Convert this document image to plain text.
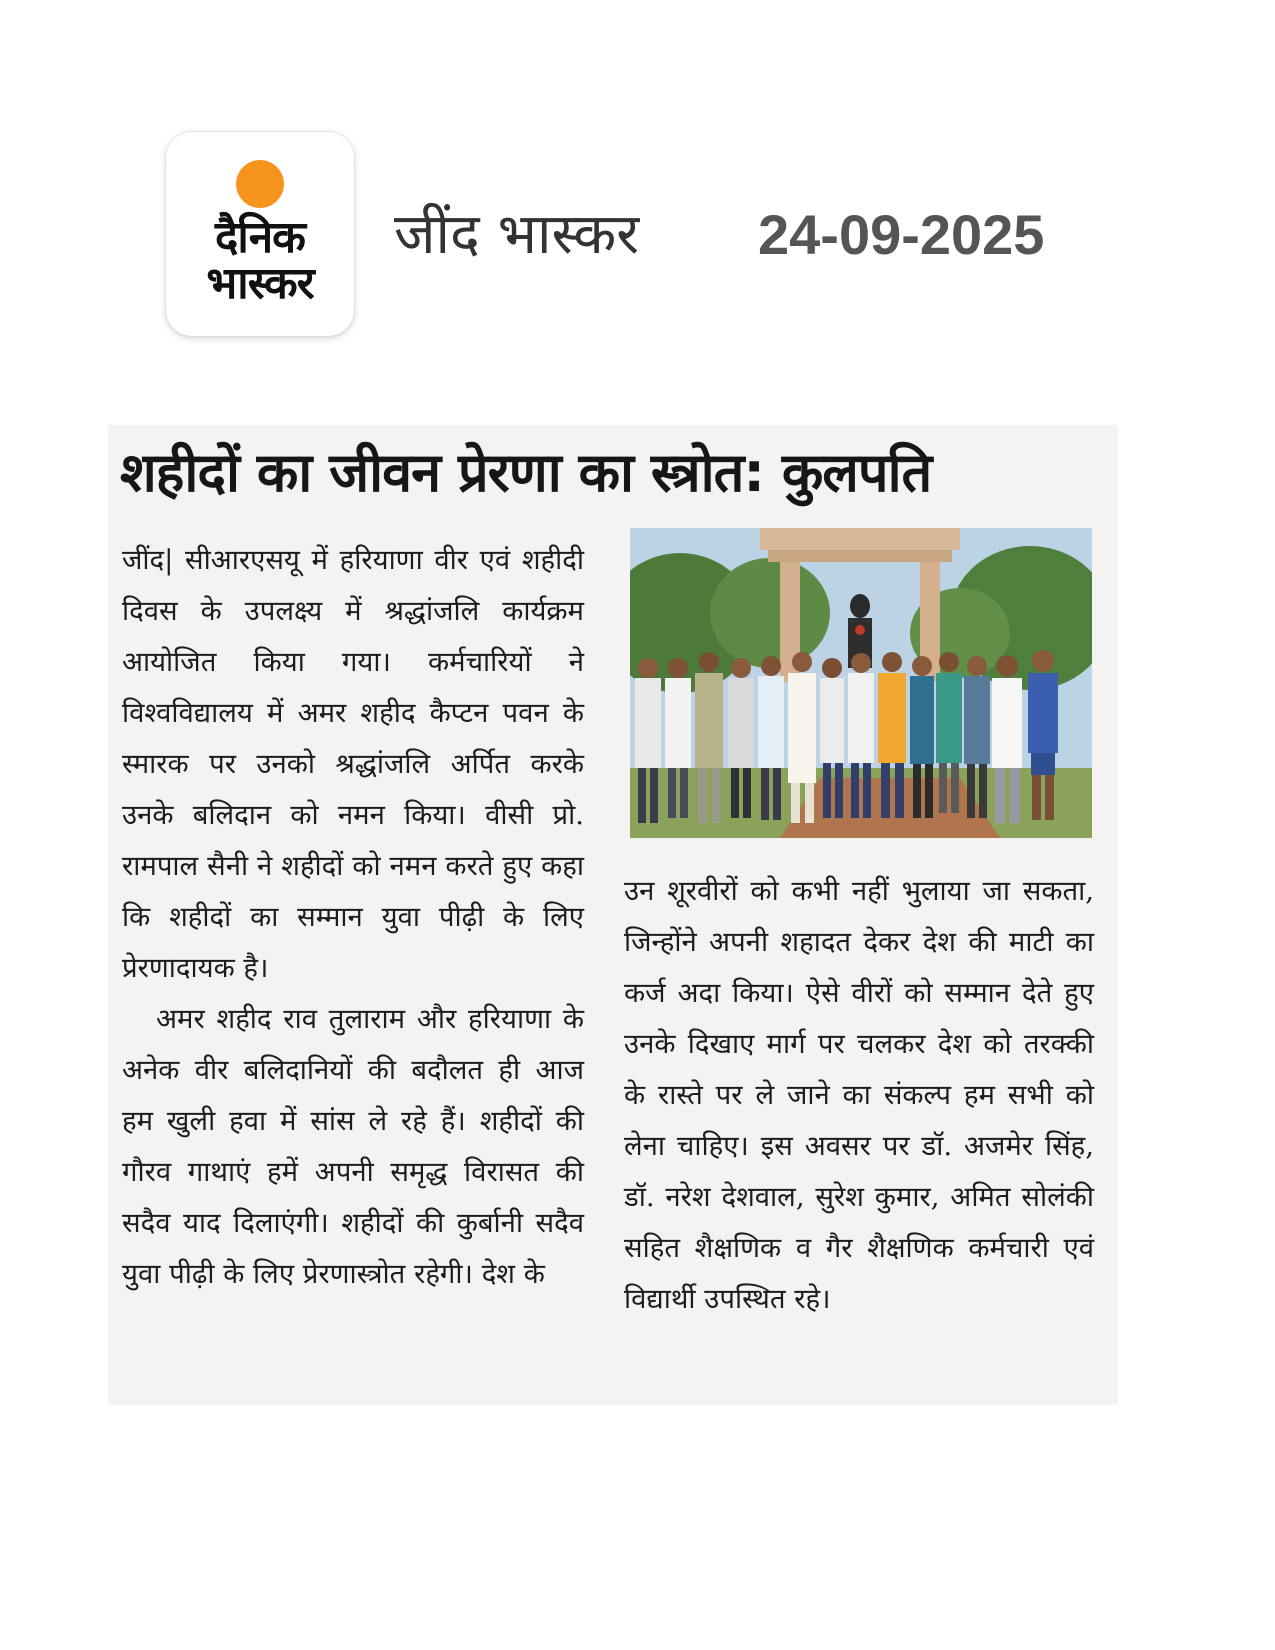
दैनिक
भास्कर
जींद भास्कर 24-09-2025
शहीदों का जीवन प्रेरणा का स्त्रोत: कुलपति

जींद| सीआरएसयू में हरियाणा वीर एवं शहीदी दिवस के उपलक्ष्य में श्रद्धांजलि कार्यक्रम आयोजित किया गया। कर्मचारियों ने विश्वविद्यालय में अमर शहीद कैप्टन पवन के स्मारक पर उनको श्रद्धांजलि अर्पित करके उनके बलिदान को नमन किया। वीसी प्रो. रामपाल सैनी ने शहीदों को नमन करते हुए कहा कि शहीदों का सम्मान युवा पीढ़ी के लिए प्रेरणादायक है।

अमर शहीद राव तुलाराम और हरियाणा के अनेक वीर बलिदानियों की बदौलत ही आज हम खुली हवा में सांस ले रहे हैं। शहीदों की गौरव गाथाएं हमें अपनी समृद्ध विरासत की सदैव याद दिलाएंगी। शहीदों की कुर्बानी सदैव युवा पीढ़ी के लिए प्रेरणास्त्रोत रहेगी। देश के

उन शूरवीरों को कभी नहीं भुलाया जा सकता, जिन्होंने अपनी शहादत देकर देश की माटी का कर्ज अदा किया। ऐसे वीरों को सम्मान देते हुए उनके दिखाए मार्ग पर चलकर देश को तरक्की के रास्ते पर ले जाने का संकल्प हम सभी को लेना चाहिए। इस अवसर पर डॉ. अजमेर सिंह, डॉ. नरेश देशवाल, सुरेश कुमार, अमित सोलंकी सहित शैक्षणिक व गैर शैक्षणिक कर्मचारी एवं विद्यार्थी उपस्थित रहे।
